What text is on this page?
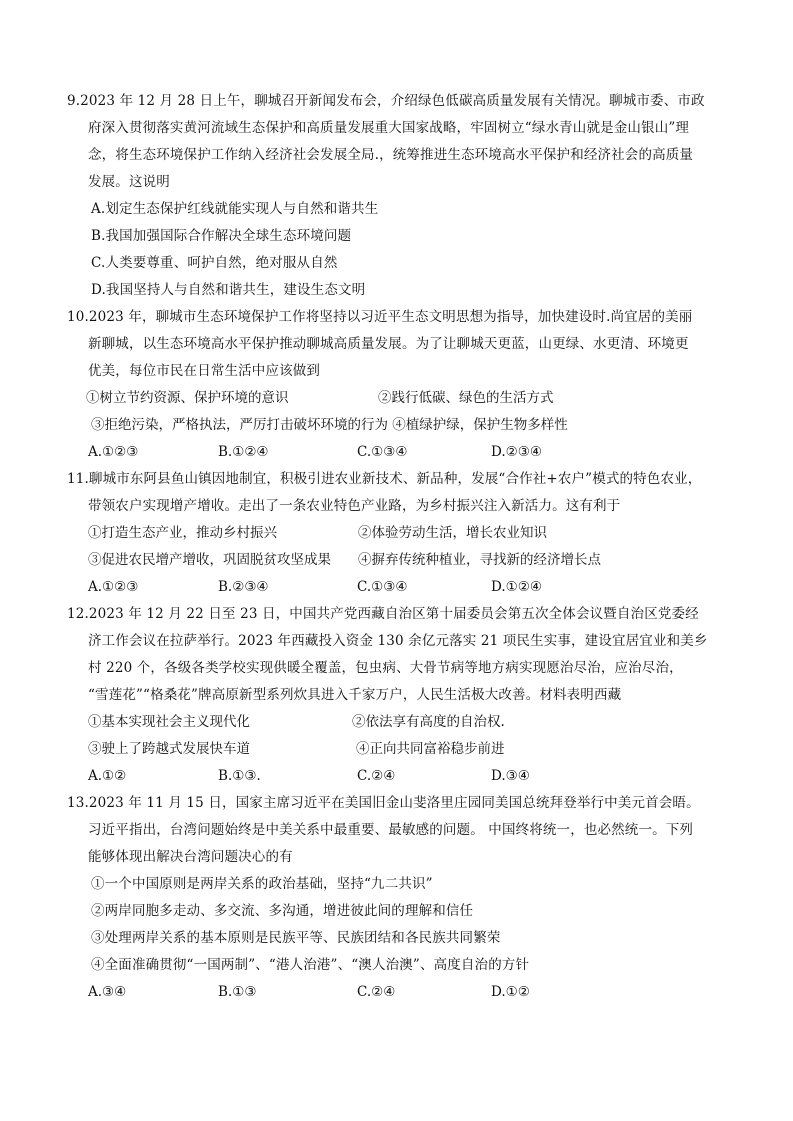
9.2023 年 12 月 28 日上午，聊城召开新闻发布会，介绍绿色低碳高质量发展有关情况。聊城市委、市政
府深入贯彻落实黄河流域生态保护和高质量发展重大国家战略，牢固树立“绿水青山就是金山银山”理
念，将生态环境保护工作纳入经济社会发展全局.，统筹推进生态环境高水平保护和经济社会的高质量
发展。这说明
A.划定生态保护红线就能实现人与自然和谐共生
B.我国加强国际合作解决全球生态环境问题
C.人类要尊重、呵护自然，绝对服从自然
D.我国坚持人与自然和谐共生，建设生态文明
10.2023 年，聊城市生态环境保护工作将坚持以习近平生态文明思想为指导，加快建设时.尚宜居的美丽
新聊城，以生态环境高水平保护推动聊城高质量发展。为了让聊城天更蓝，山更绿、水更清、环境更
优美，每位市民在日常生活中应该做到
①树立节约资源、保护环境的意识	②践行低碳、绿色的生活方式
③拒绝污染，严格执法，严厉打击破坏环境的行为 ④植绿护绿，保护生物多样性
A.①②③	B.①②④	C.①③④	D.②③④
11.聊城市东阿县鱼山镇因地制宜，积极引进农业新技术、新品种，发展“合作社+农户”模式的特色农业，
带领农户实现增产增收。走出了一条农业特色产业路，为乡村振兴注入新活力。这有利于
①打造生态产业，推动乡村振兴	②体验劳动生活，增长农业知识
③促进农民增产增收，巩固脱贫攻坚成果 ④摒弃传统种植业，寻找新的经济增长点
A.①②③	B.②③④	C.①③④	D.①②④
12.2023 年 12 月 22 日至 23 日，中国共产党西藏自治区第十届委员会第五次全体会议暨自治区党委经
济工作会议在拉萨举行。2023 年西藏投入资金 130 余亿元落实 21 项民生实事，建设宜居宜业和美乡
村 220 个，各级各类学校实现供暖全覆盖，包虫病、大骨节病等地方病实现愿治尽治，应治尽治，
“雪莲花”“格桑花”牌高原新型系列炊具进入千家万户，人民生活极大改善。材料表明西藏
①基本实现社会主义现代化	②依法享有高度的自治权.
③驶上了跨越式发展快车道	④正向共同富裕稳步前进
A.①②	B.①③.	C.②④	D.③④
13.2023 年 11 月 15 日，国家主席习近平在美国旧金山斐洛里庄园同美国总统拜登举行中美元首会晤。
习近平指出，台湾问题始终是中美关系中最重要、最敏感的问题。 中国终将统一，也必然统一。下列
能够体现出解决台湾问题决心的有
①一个中国原则是两岸关系的政治基础，坚持“九二共识”
②两岸同胞多走动、多交流、多沟通，增进彼此间的理解和信任
③处理两岸关系的基本原则是民族平等、民族团结和各民族共同繁荣
④全面准确贯彻“一国两制”、“港人治港”、“澳人治澳”、高度自治的方针
A.③④	B.①③	C.②④	D.①②
